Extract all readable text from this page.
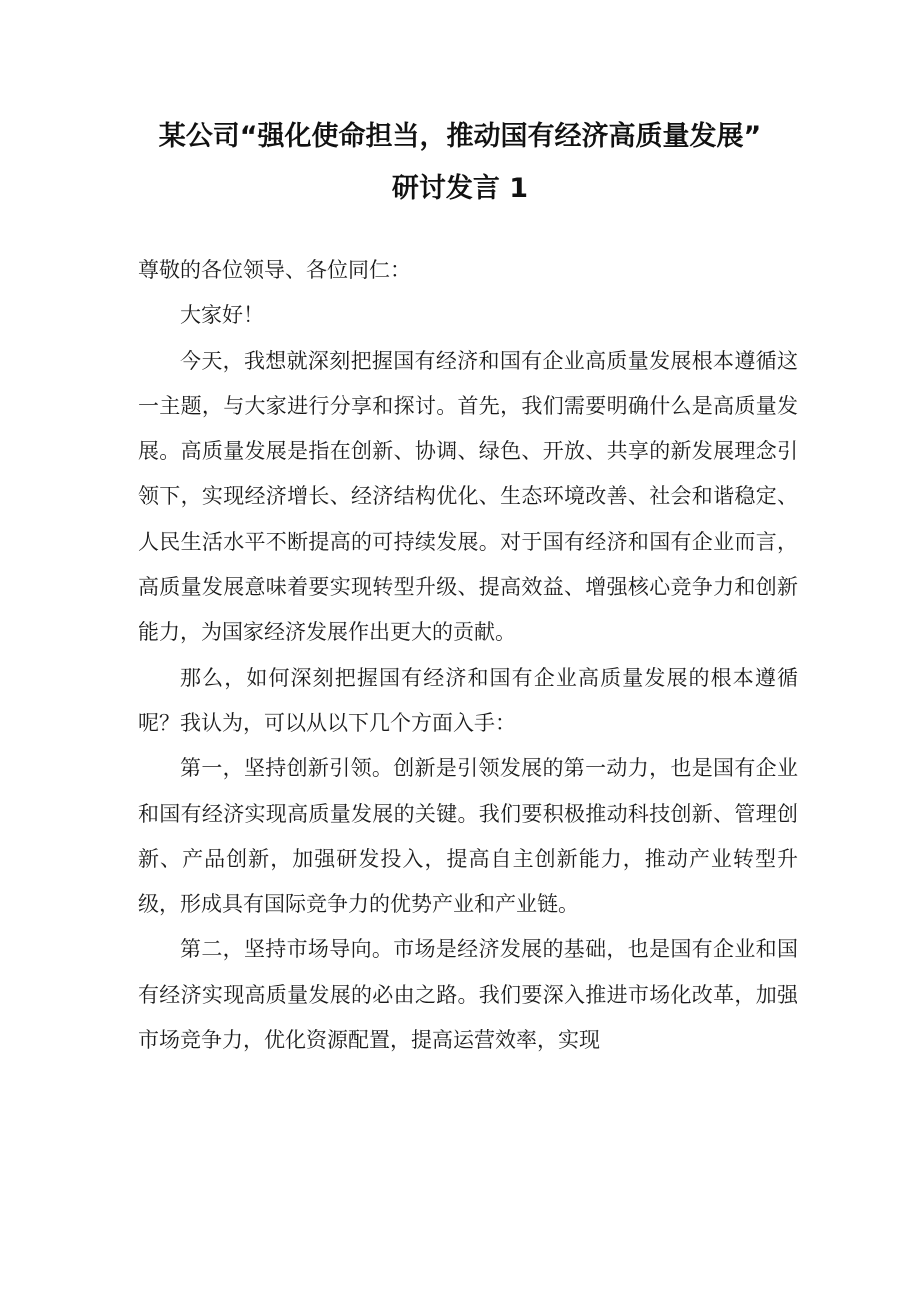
某公司“强化使命担当，推动国有经济高质量发展”
研讨发言 1

尊敬的各位领导、各位同仁：

大家好！

今天，我想就深刻把握国有经济和国有企业高质量发展根本遵循这一主题，与大家进行分享和探讨。首先，我们需要明确什么是高质量发展。高质量发展是指在创新、协调、绿色、开放、共享的新发展理念引领下，实现经济增长、经济结构优化、生态环境改善、社会和谐稳定、人民生活水平不断提高的可持续发展。对于国有经济和国有企业而言，高质量发展意味着要实现转型升级、提高效益、增强核心竞争力和创新能力，为国家经济发展作出更大的贡献。

那么，如何深刻把握国有经济和国有企业高质量发展的根本遵循呢？我认为，可以从以下几个方面入手：

第一，坚持创新引领。创新是引领发展的第一动力，也是国有企业和国有经济实现高质量发展的关键。我们要积极推动科技创新、管理创新、产品创新，加强研发投入，提高自主创新能力，推动产业转型升级，形成具有国际竞争力的优势产业和产业链。

第二，坚持市场导向。市场是经济发展的基础，也是国有企业和国有经济实现高质量发展的必由之路。我们要深入推进市场化改革，加强市场竞争力，优化资源配置，提高运营效率，实现
